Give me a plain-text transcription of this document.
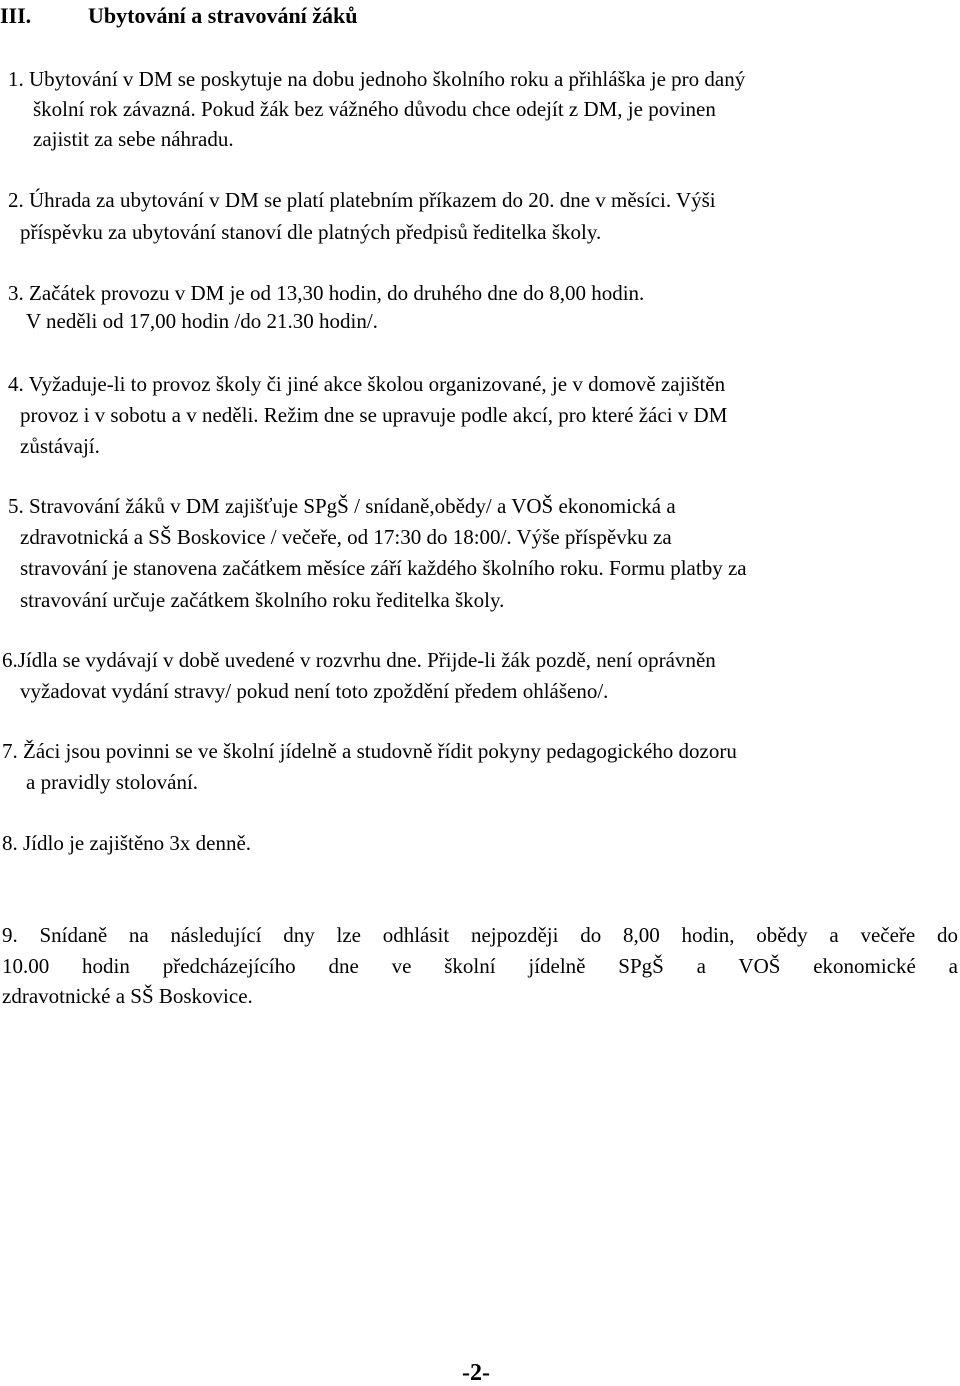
III.	Ubytování a stravování žáků
1. Ubytování v DM se poskytuje na dobu jednoho školního roku a přihláška je pro daný
školní rok závazná. Pokud žák bez vážného důvodu chce odejít z DM, je povinen
zajistit za sebe náhradu.
2. Úhrada za ubytování v DM se platí platebním příkazem do 20. dne v měsíci. Výši
příspěvku za ubytování stanoví dle platných předpisů ředitelka školy.
3. Začátek provozu v DM je od 13,30 hodin, do druhého dne do 8,00 hodin.
V neděli od 17,00 hodin /do 21.30 hodin/.
4. Vyžaduje-li to provoz školy či jiné akce školou organizované, je v domově zajištěn
provoz i v sobotu a v neděli. Režim dne se upravuje podle akcí, pro které žáci v DM
zůstávají.
5. Stravování žáků v DM zajišťuje SPgŠ / snídaně,obědy/ a VOŠ ekonomická a
zdravotnická a SŠ Boskovice / večeře, od 17:30 do 18:00/. Výše příspěvku za
stravování je stanovena začátkem měsíce září každého školního roku. Formu platby za
stravování určuje začátkem školního roku ředitelka školy.
6.Jídla se vydávají v době uvedené v rozvrhu dne. Přijde-li žák pozdě, není oprávněn
vyžadovat vydání stravy/ pokud není toto zpoždění předem ohlášeno/.
7. Žáci jsou povinni se ve školní jídelně a studovně řídit pokyny pedagogického dozoru
a pravidly stolování.
8. Jídlo je zajištěno 3x denně.
9. Snídaně na následující dny lze odhlásit nejpozději do 8,00 hodin, obědy a večeře do
10.00 hodin předcházejícího dne ve školní jídelně SPgŠ a VOŠ ekonomické a
zdravotnické a SŠ Boskovice.
-2-
